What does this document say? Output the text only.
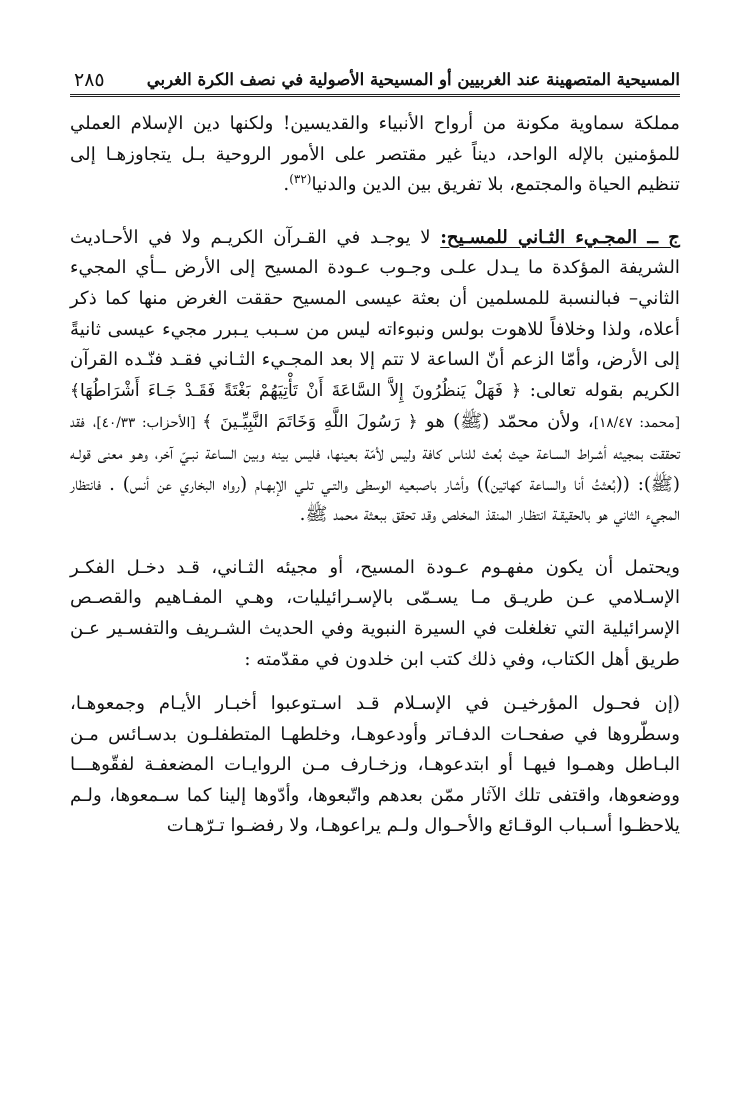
المسيحية المتصهينة عند الغربيين أو المسيحية الأصولية في نصف الكرة الغربي
٢٨٥

مملكة سماوية مكونة من أرواح الأنبياء والقديسين! ولكنها دين الإسلام العملي للمؤمنين بالإله الواحد، ديناً غير مقتصر على الأمور الروحية بـل يتجاوزهـا إلى تنظيم الحياة والمجتمع، بلا تفريق بين الدين والدنيا$^{(٣٢)}$.

ج ــ المجـيء الثـاني للمسـيح: لا يوجـد في القـرآن الكريـم ولا في الأحـاديث الشريفة المؤكدة ما يـدل علـى وجـوب عـودة المسيح إلى الأرض ــأي المجيء الثاني– فبالنسبة للمسلمين أن بعثة عيسى المسيح حققت الغرض منها كما ذكر أعلاه، ولذا وخلافاً للاهوت بولس ونبوءاته ليس من سـبب يـبرر مجيء عيسى ثانيةً إلى الأرض، وأمّا الزعم أنّ الساعة لا تتم إلا بعد المجـيء الثـاني فقـد فنّـده القرآن الكريم بقوله تعالى: ﴿ فَهَلْ يَنظُرُونَ إِلاَّ السَّاعَةَ أَنْ تَأْتِيَهُمْ بَغْتَةً فَقَـدْ جَـاءَ أَشْرَاطُهَا﴾ [محمد: ١٨/٤٧]، ولأن محمّد (ﷺ) هو ﴿ رَسُولَ اللَّهِ وَخَاتَمَ النَّبِيِّـينَ ﴾ [الأحزاب: ٤٠/٣٣]، فقد تحققت بمجيئه أشـراط السـاعة حيث بُعث للناس كافة وليس لأمّة بعينها، فليس بينه وبين الساعة نبـيّ آخر، وهـو معنى قولـه (ﷺ): ((بُعثتُ أنا والساعة كهاتين)) وأشار باصبعيه الوسطى والتـي تلـي الإبهـام (رواه البخاري عن أنس) . فانتظار المجيء الثاني هو بالحقيقـة انتظـار المنقذ المخلص وقد تحقق ببعثة محمد ﷺ.

ويحتمل أن يكون مفهـوم عـودة المسيح، أو مجيئه الثـاني، قـد دخـل الفكـر الإسـلامي عـن طريـق مـا يسـمّى بالإسـرائيليات، وهـي المفـاهيم والقصـص الإسرائيلية التي تغلغلت في السيرة النبوية وفي الحديث الشـريف والتفسـير عـن طريق أهل الكتاب، وفي ذلك كتب ابن خلدون في مقدّمته :

(إن فحـول المؤرخيـن في الإسـلام قـد اسـتوعبوا أخبـار الأيـام وجمعوهـا، وسطّروها في صفحـات الدفـاتر وأودعوهـا، وخلطهـا المتطفلـون بدسـائس مـن البـاطل وهمـوا فيهـا أو ابتدعوهـا، وزخـارف مـن الروايـات المضعفـة لفقّوهـــا ووضعوها، واقتفى تلك الآثار ممّن بعدهم واتّبعوها، وأدّوها إلينا كما سـمعوها، ولـم يلاحظـوا أسـباب الوقـائع والأحـوال ولـم يراعوهـا، ولا رفضـوا تـرّهـات
